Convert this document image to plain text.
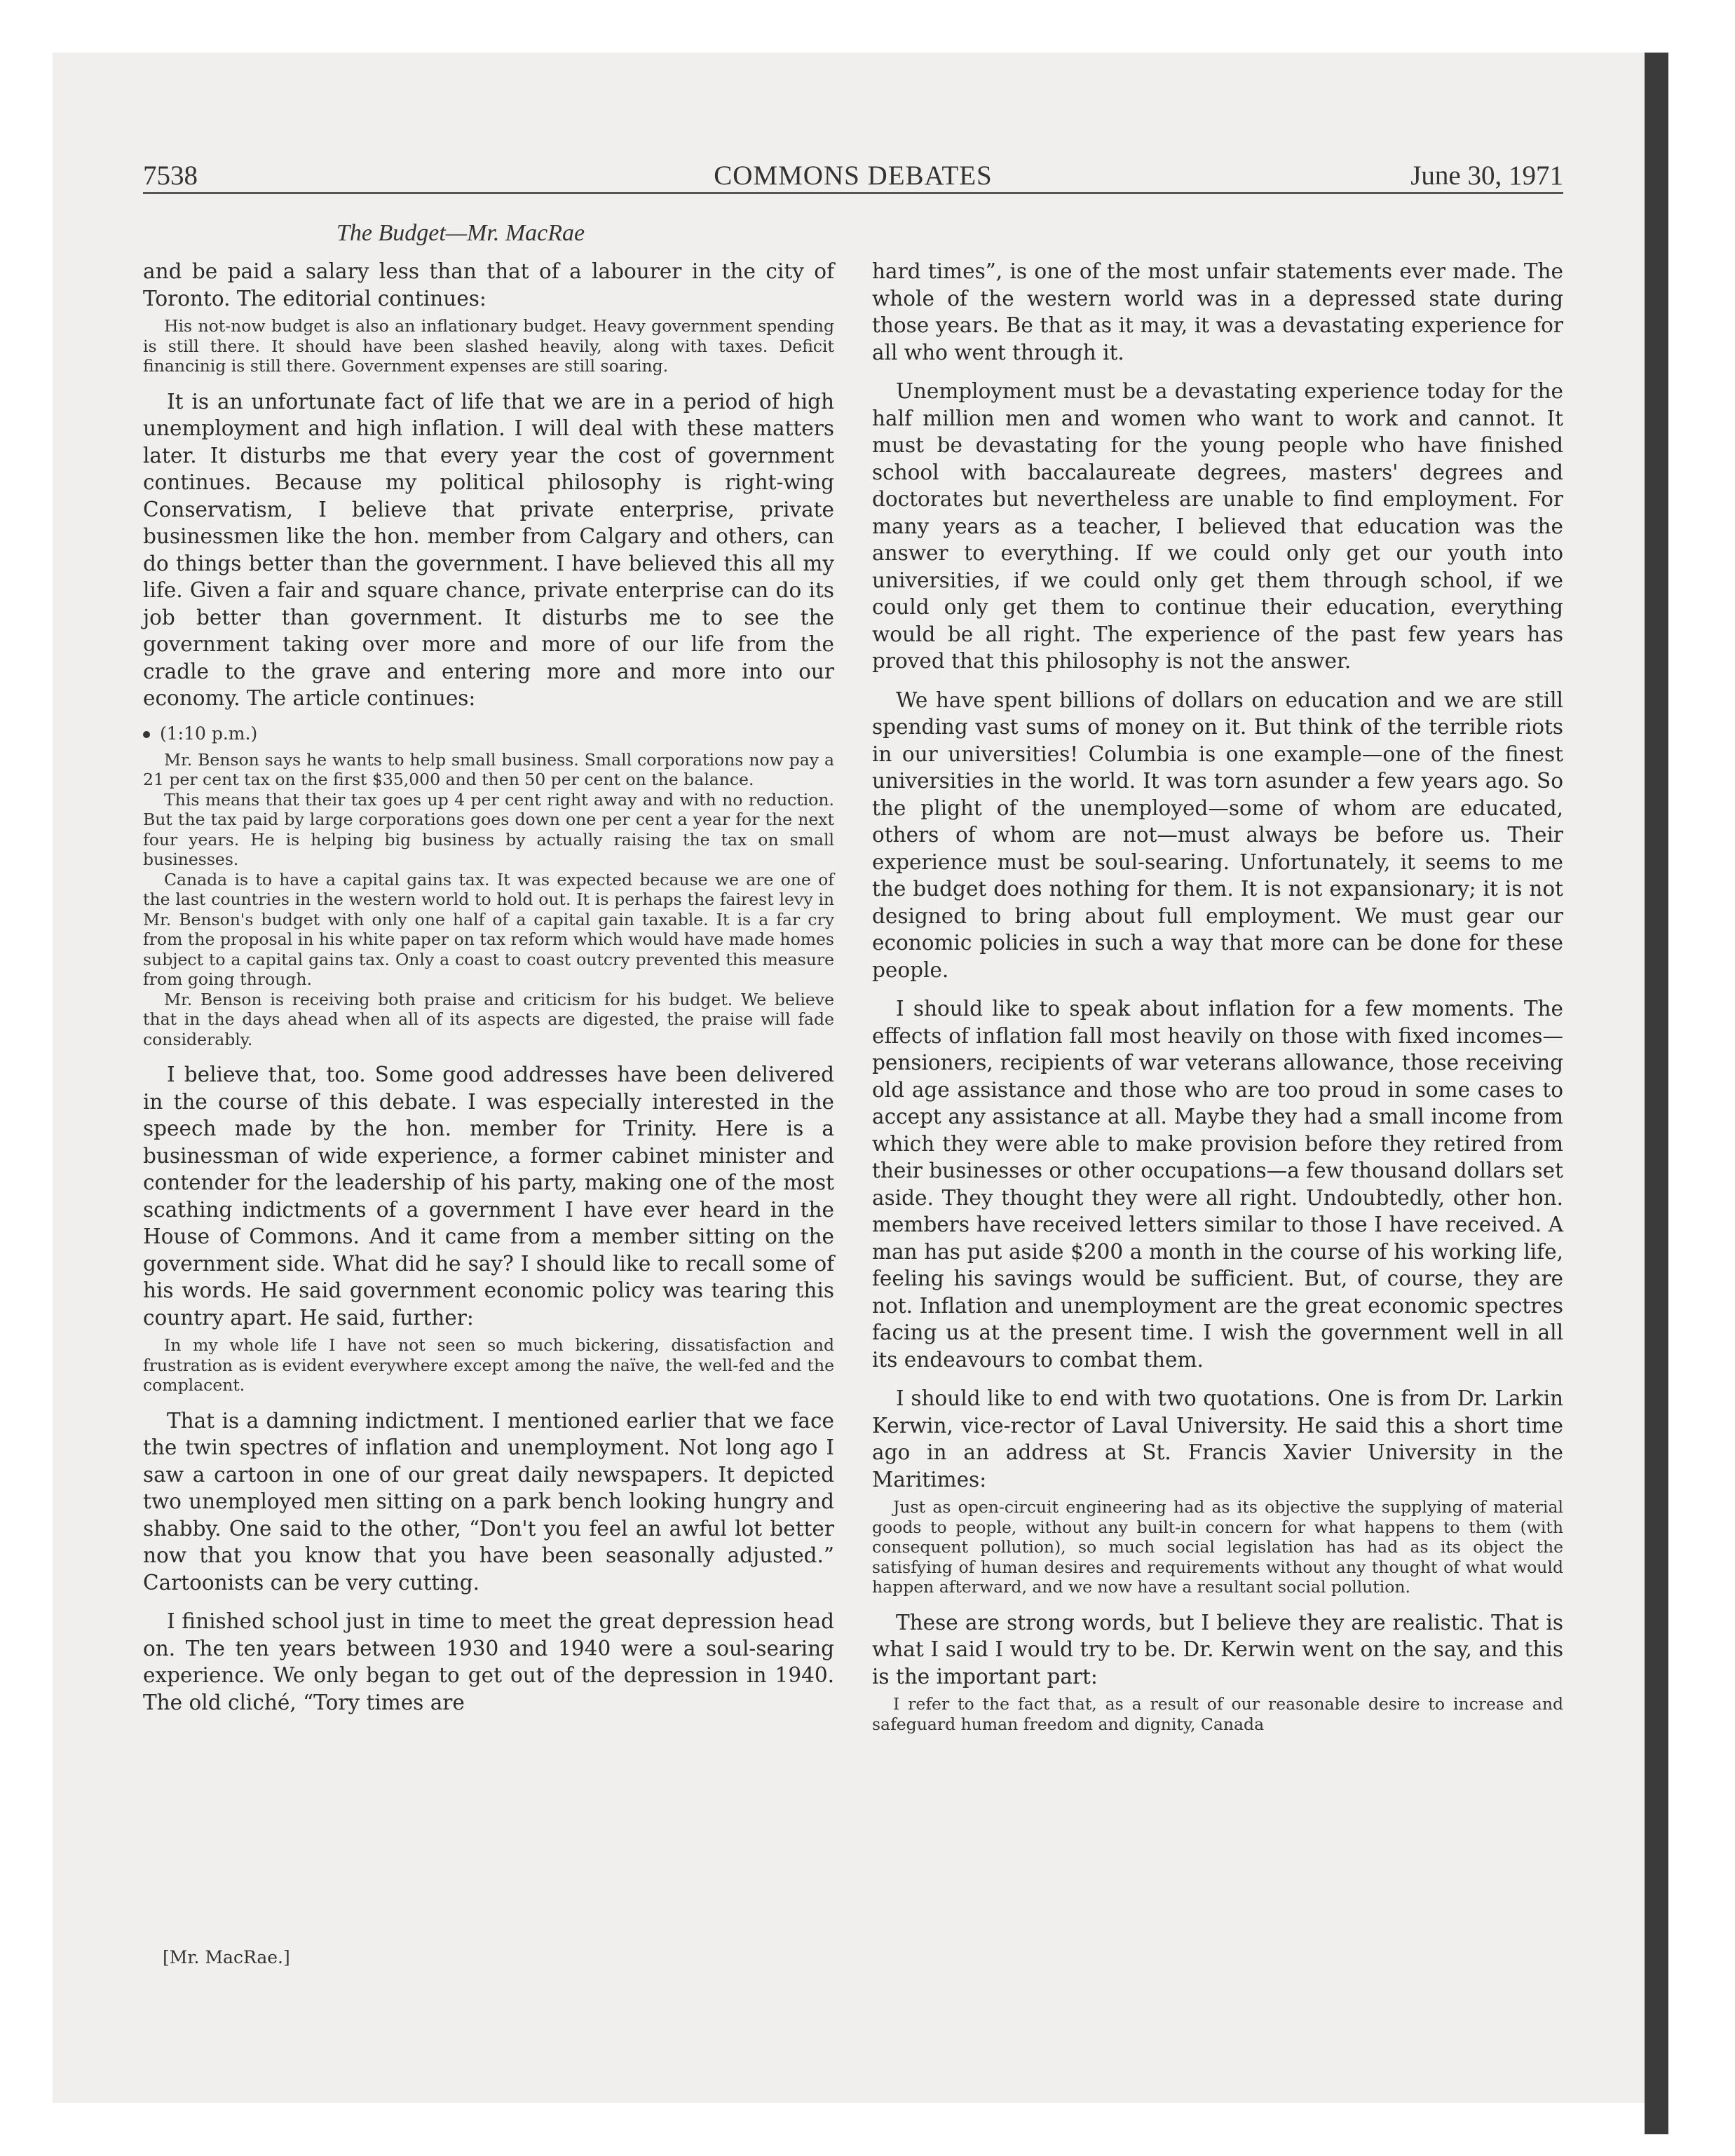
7538	COMMONS DEBATES	June 30, 1971
The Budget—Mr. MacRae

and be paid a salary less than that of a labourer in the city of Toronto. The editorial continues:

His not-now budget is also an inflationary budget. Heavy government spending is still there. It should have been slashed heavily, along with taxes. Deficit financinig is still there. Government expenses are still soaring.

It is an unfortunate fact of life that we are in a period of high unemployment and high inflation. I will deal with these matters later. It disturbs me that every year the cost of government continues. Because my political philosophy is right-wing Conservatism, I believe that private enterprise, private businessmen like the hon. member from Calgary and others, can do things better than the government. I have believed this all my life. Given a fair and square chance, private enterprise can do its job better than government. It disturbs me to see the government taking over more and more of our life from the cradle to the grave and entering more and more into our economy. The article continues:

(1:10 p.m.)

Mr. Benson says he wants to help small business. Small corporations now pay a 21 per cent tax on the first $35,000 and then 50 per cent on the balance.

This means that their tax goes up 4 per cent right away and with no reduction. But the tax paid by large corporations goes down one per cent a year for the next four years. He is helping big business by actually raising the tax on small businesses.

Canada is to have a capital gains tax. It was expected because we are one of the last countries in the western world to hold out. It is perhaps the fairest levy in Mr. Benson's budget with only one half of a capital gain taxable. It is a far cry from the proposal in his white paper on tax reform which would have made homes subject to a capital gains tax. Only a coast to coast outcry prevented this measure from going through.

Mr. Benson is receiving both praise and criticism for his budget. We believe that in the days ahead when all of its aspects are digested, the praise will fade considerably.

I believe that, too. Some good addresses have been delivered in the course of this debate. I was especially interested in the speech made by the hon. member for Trinity. Here is a businessman of wide experience, a former cabinet minister and contender for the leadership of his party, making one of the most scathing indictments of a government I have ever heard in the House of Commons. And it came from a member sitting on the government side. What did he say? I should like to recall some of his words. He said government economic policy was tearing this country apart. He said, further:

In my whole life I have not seen so much bickering, dissatisfaction and frustration as is evident everywhere except among the naïve, the well-fed and the complacent.

That is a damning indictment. I mentioned earlier that we face the twin spectres of inflation and unemployment. Not long ago I saw a cartoon in one of our great daily newspapers. It depicted two unemployed men sitting on a park bench looking hungry and shabby. One said to the other, “Don't you feel an awful lot better now that you know that you have been seasonally adjusted.” Cartoonists can be very cutting.

I finished school just in time to meet the great depression head on. The ten years between 1930 and 1940 were a soul-searing experience. We only began to get out of the depression in 1940. The old cliché, “Tory times are

[Mr. MacRae.]

hard times”, is one of the most unfair statements ever made. The whole of the western world was in a depressed state during those years. Be that as it may, it was a devastating experience for all who went through it.

Unemployment must be a devastating experience today for the half million men and women who want to work and cannot. It must be devastating for the young people who have finished school with baccalaureate degrees, masters' degrees and doctorates but nevertheless are unable to find employment. For many years as a teacher, I believed that education was the answer to everything. If we could only get our youth into universities, if we could only get them through school, if we could only get them to continue their education, everything would be all right. The experience of the past few years has proved that this philosophy is not the answer.

We have spent billions of dollars on education and we are still spending vast sums of money on it. But think of the terrible riots in our universities! Columbia is one example—one of the finest universities in the world. It was torn asunder a few years ago. So the plight of the unemployed—some of whom are educated, others of whom are not—must always be before us. Their experience must be soul-searing. Unfortunately, it seems to me the budget does nothing for them. It is not expansionary; it is not designed to bring about full employment. We must gear our economic policies in such a way that more can be done for these people.

I should like to speak about inflation for a few moments. The effects of inflation fall most heavily on those with fixed incomes—pensioners, recipients of war veterans allowance, those receiving old age assistance and those who are too proud in some cases to accept any assistance at all. Maybe they had a small income from which they were able to make provision before they retired from their businesses or other occupations—a few thousand dollars set aside. They thought they were all right. Undoubtedly, other hon. members have received letters similar to those I have received. A man has put aside $200 a month in the course of his working life, feeling his savings would be sufficient. But, of course, they are not. Inflation and unemployment are the great economic spectres facing us at the present time. I wish the government well in all its endeavours to combat them.

I should like to end with two quotations. One is from Dr. Larkin Kerwin, vice-rector of Laval University. He said this a short time ago in an address at St. Francis Xavier University in the Maritimes:

Just as open-circuit engineering had as its objective the supplying of material goods to people, without any built-in concern for what happens to them (with consequent pollution), so much social legislation has had as its object the satisfying of human desires and requirements without any thought of what would happen afterward, and we now have a resultant social pollution.

These are strong words, but I believe they are realistic. That is what I said I would try to be. Dr. Kerwin went on the say, and this is the important part:

I refer to the fact that, as a result of our reasonable desire to increase and safeguard human freedom and dignity, Canada
